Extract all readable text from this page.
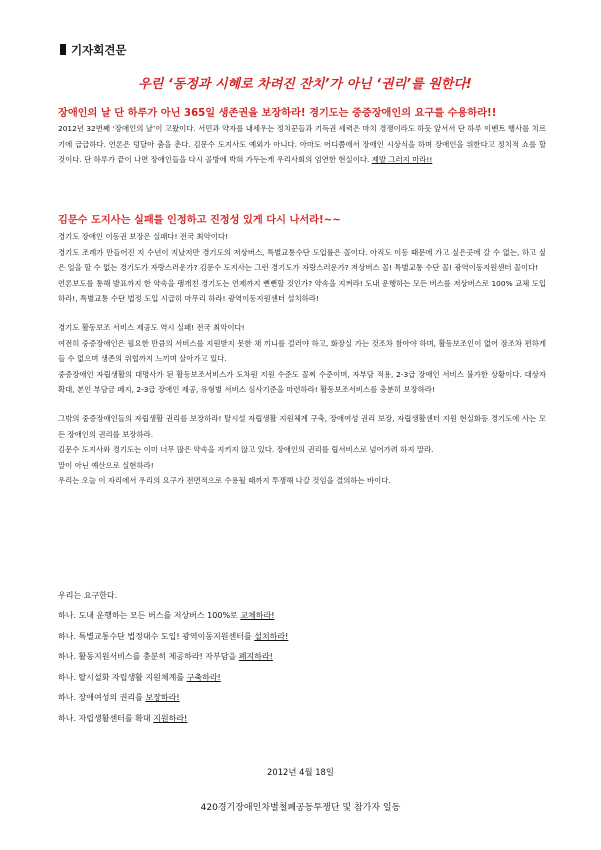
기자회견문
우린 ‘동정과 시혜로 차려진 잔치’가 아닌 ‘권리’를 원한다!
장애인의 날 단 하루가 아닌 365일 생존권을 보장하라! 경기도는 중증장애인의 요구를 수용하라!!

2012년 32번째 ‘장애인의 날’이 고왔이다. 서민과 약자를 내세우는 정치꾼들과 기득권 세력은 마치 경쟁이라도 하듯 앞서서 단 하루 이벤트 행사를 치르기에 급급하다. 언론은 덩달아 춤을 춘다. 김문수 도지사도 예외가 아니다. 아마도 어디쯤에서 장애인 시상식을 하며 장애인을 위한다고 정치적 쇼를 할 것이다. 단 하루가 끝이 나면 장애인들을 다시 골방에 박혀 가두는게 우리사회의 엄연한 현실이다. 제발 그러지 마라!!

김문수 도지사는 실패를 인정하고 진정성 있게 다시 나서라!~~

경기도 장애인 이동권 보장은 실패다! 전국 최악이다!

경기도 조례가 만들어진 지 수년이 지났지만 경기도의 저상버스, 특별교통수단 도입률은 꼴이다. 아직도 이동 때문에 가고 싶은곳에 갈 수 없는, 하고 싶은 일을 할 수 없는 경기도가 자랑스러운가? 김문수 도지사는 그런 경기도가 자랑스러운가? 저상버스 꼴! 특별교통 수단 꼴! 광역이동지원센터 꼴이다!

언론보도를 통해 발표까지 한 약속을 팽개친 경기도는 언제까지 뻔뻔할 것인가? 약속을 지켜라! 도내 운행하는 모든 버스를 저상버스로 100% 교체 도입 하라!, 특별교통 수단 법정 도입 시급히 마무리 하라! 광역이동지원센터 설치하라!

경기도 활동보조 서비스 제공도 역시 실패! 전국 최악이다!

여전히 중증장애인은 필요한 만큼의 서비스를 지원받지 못한 채 끼니를 걸러야 하고, 화장실 가는 것조차 참아야 하며, 활동보조인이 없어 잠조차 편하게 들 수 없으며 생존의 위협까지 느끼며 살아가고 있다.

중증장애인 자립생활의 대명사가 된 활동보조서비스가 도차원 지원 수준도 꼴찌 수준이며, 자부담 적용, 2-3급 장애인 서비스 불가한 상황이다. 대상자 확대, 본인 부담금 폐지, 2-3급 장애인 제공, 유형별 서비스 심사기준을 마련하라! 활동보조서비스를 충분히 보장하라!

그밖의 중증장애인들의 자립생활 권리를 보장하라! 탈시설 자립생활 지원체계 구축, 장애여성 권리 보장, 자립생활센터 지원 현실화등 경기도에 사는 모든 장애인의 권리를 보장하라.

김문수 도지사와 경기도는 이미 너무 많은 약속을 지키지 않고 있다. 장애인의 권리를 립서비스로 넘어가려 하지 말라.

말이 아닌 예산으로 실현하라!

우리는 오늘 이 자리에서 우리의 요구가 전면적으로 수용될 때까지 투쟁해 나갈 것임을 결의하는 바이다.

우리는 요구한다.

하나. 도내 운행하는 모든 버스를 저상버스 100%로 교체하라!

하나. 특별교통수단 법정대수 도입! 광역이동지원센터를 설치하라!

하나. 활동지원서비스를 충분히 제공하라! 자부담을 폐지하라!

하나. 탈시설화 자립생활 지원체계를 구축하라!

하나. 장애여성의 권리를 보장하라!

하나. 자립생활센터를 확대 지원하라!

2012년 4월 18일
420경기장애인차별철폐공동투쟁단 및 참가자 일동
